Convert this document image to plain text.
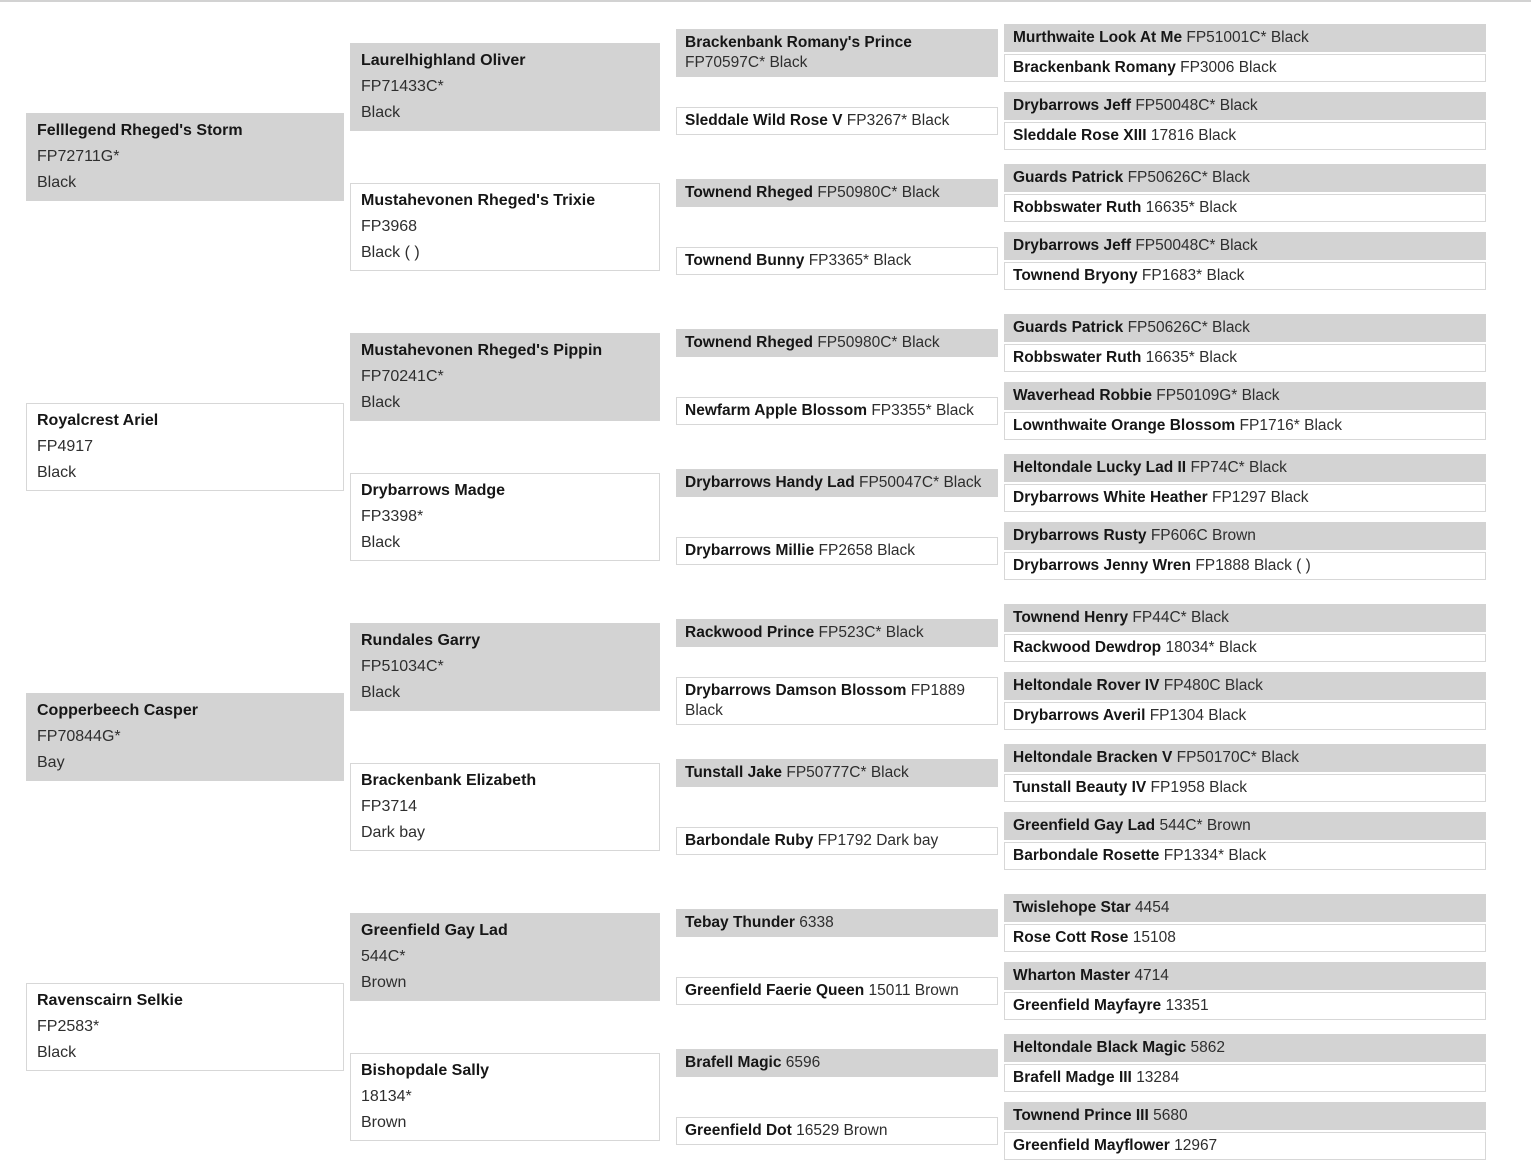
Felllegend Rheged's Storm
FP72711G*
Black
Laurelhighland Oliver
FP71433C*
Black
Brackenbank Romany's Prince FP70597C* Black
Murthwaite Look At Me FP51001C* Black
Brackenbank Romany FP3006 Black
Sleddale Wild Rose V FP3267* Black
Drybarrows Jeff FP50048C* Black
Sleddale Rose XIII 17816 Black
Mustahevonen Rheged's Trixie
FP3968
Black ( )
Townend Rheged FP50980C* Black
Guards Patrick FP50626C* Black
Robbswater Ruth 16635* Black
Townend Bunny FP3365* Black
Drybarrows Jeff FP50048C* Black
Townend Bryony FP1683* Black
Royalcrest Ariel
FP4917
Black
Mustahevonen Rheged's Pippin
FP70241C*
Black
Townend Rheged FP50980C* Black
Guards Patrick FP50626C* Black
Robbswater Ruth 16635* Black
Newfarm Apple Blossom FP3355* Black
Waverhead Robbie FP50109G* Black
Lownthwaite Orange Blossom FP1716* Black
Drybarrows Madge
FP3398*
Black
Drybarrows Handy Lad FP50047C* Black
Heltondale Lucky Lad II FP74C* Black
Drybarrows White Heather FP1297 Black
Drybarrows Millie FP2658 Black
Drybarrows Rusty FP606C Brown
Drybarrows Jenny Wren FP1888 Black ( )
Copperbeech Casper
FP70844G*
Bay
Rundales Garry
FP51034C*
Black
Rackwood Prince FP523C* Black
Townend Henry FP44C* Black
Rackwood Dewdrop 18034* Black
Drybarrows Damson Blossom FP1889 Black
Heltondale Rover IV FP480C Black
Drybarrows Averil FP1304 Black
Brackenbank Elizabeth
FP3714
Dark bay
Tunstall Jake FP50777C* Black
Heltondale Bracken V FP50170C* Black
Tunstall Beauty IV FP1958 Black
Barbondale Ruby FP1792 Dark bay
Greenfield Gay Lad 544C* Brown
Barbondale Rosette FP1334* Black
Ravenscairn Selkie
FP2583*
Black
Greenfield Gay Lad
544C*
Brown
Tebay Thunder 6338
Twislehope Star 4454
Rose Cott Rose 15108
Greenfield Faerie Queen 15011 Brown
Wharton Master 4714
Greenfield Mayfayre 13351
Bishopdale Sally
18134*
Brown
Brafell Magic 6596
Heltondale Black Magic 5862
Brafell Madge III 13284
Greenfield Dot 16529 Brown
Townend Prince III 5680
Greenfield Mayflower 12967
